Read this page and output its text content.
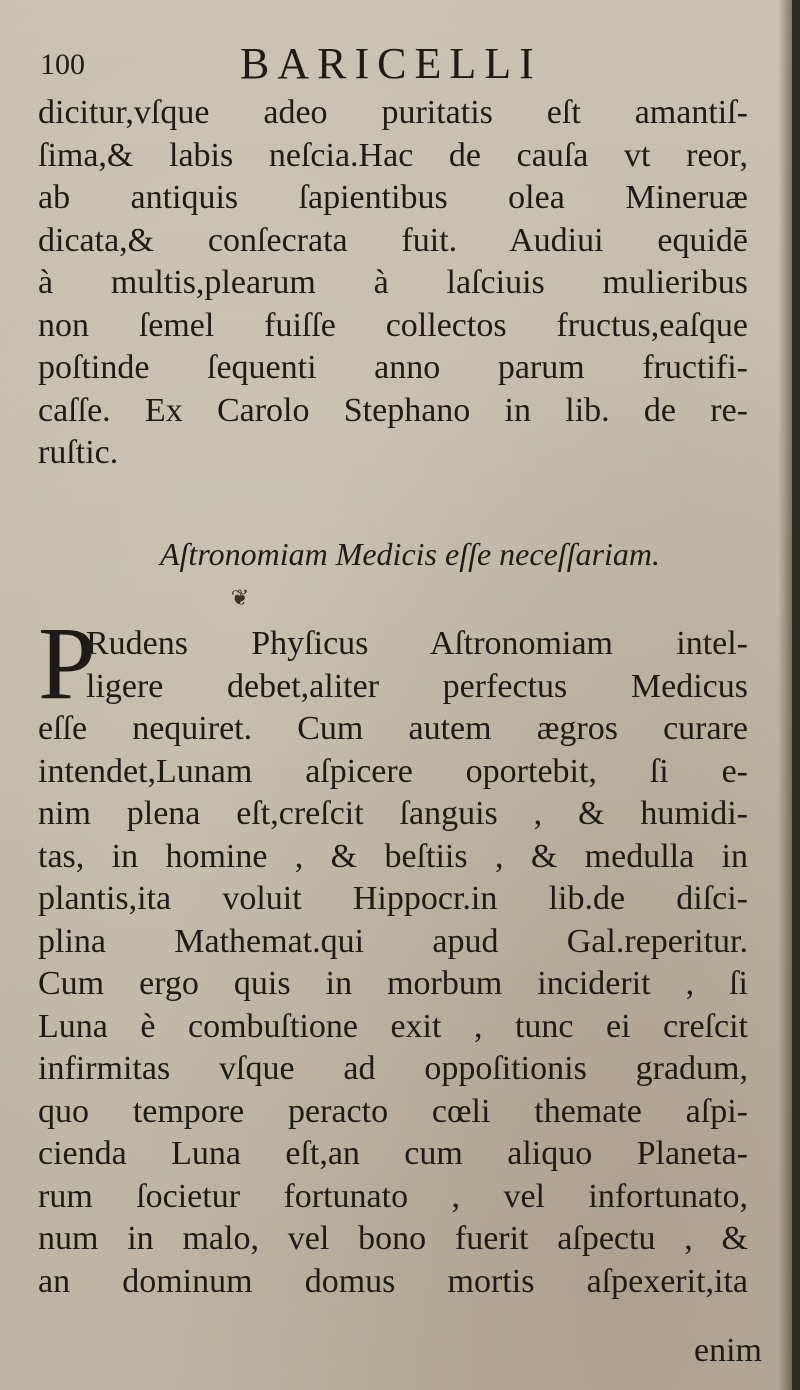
100	BARICELLI
dicitur,vſque adeo puritatis eſt amantiſ-
ſima,& labis neſcia.Hac de cauſa vt reor,
ab antiquis ſapientibus olea Mineruæ
dicata,& conſecrata fuit. Audiui equidē
à multis,plearum à laſciuis mulieribus
non ſemel fuiſſe collectos fructus,eaſque
poſtinde ſequenti anno parum fructifi-
caſſe. Ex Carolo Stephano in lib. de re-
ruſtic.
Aſtronomiam Medicis eſſe neceſſariam.
❦
P
Rudens Phyſicus Aſtronomiam intel-
ligere debet,aliter perfectus Medicus
eſſe nequiret. Cum autem ægros curare
intendet,Lunam aſpicere oportebit, ſi e-
nim plena eſt,creſcit ſanguis , & humidi-
tas, in homine , & beſtiis , & medulla in
plantis,ita voluit Hippocr.in lib.de diſci-
plina Mathemat.qui apud Gal.reperitur.
Cum ergo quis in morbum inciderit , ſi
Luna è combuſtione exit , tunc ei creſcit
infirmitas vſque ad oppoſitionis gradum,
quo tempore peracto cœli themate aſpi-
cienda Luna eſt,an cum aliquo Planeta-
rum ſocietur fortunato , vel infortunato,
num in malo, vel bono fuerit aſpectu , &
an dominum domus mortis aſpexerit,ita
enim
